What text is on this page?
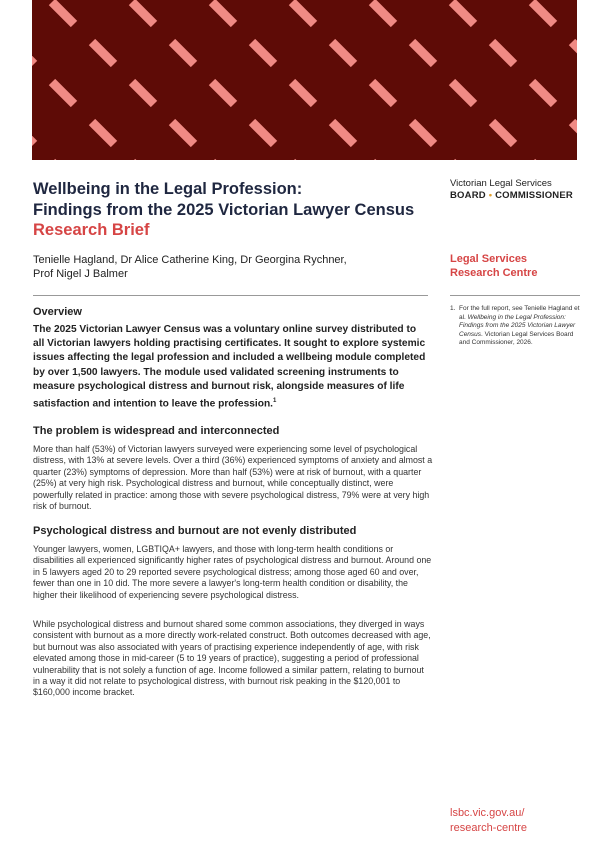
Wellbeing in the Legal Profession:
Findings from the 2025 Victorian Lawyer Census
Research Brief
Tenielle Hagland, Dr Alice Catherine King, Dr Georgina Rychner,
Prof Nigel J Balmer
Victorian Legal Services
BOARD • COMMISSIONER
Legal Services
Research Centre
1. For the full report, see Tenielle Hagland et al. Wellbeing in the Legal Profession: Findings from the 2025 Victorian Lawyer Census. Victorian Legal Services Board and Commissioner, 2026.
Overview

The 2025 Victorian Lawyer Census was a voluntary online survey distributed to all Victorian lawyers holding practising certificates. It sought to explore systemic issues affecting the legal profession and included a wellbeing module completed by over 1,500 lawyers. The module used validated screening instruments to measure psychological distress and burnout risk, alongside measures of life satisfaction and intention to leave the profession.$^1$

The problem is widespread and interconnected

More than half (53%) of Victorian lawyers surveyed were experiencing some level of psychological distress, with 13% at severe levels. Over a third (36%) experienced symptoms of anxiety and almost a quarter (23%) symptoms of depression. More than half (53%) were at risk of burnout, with a quarter (25%) at very high risk. Psychological distress and burnout, while conceptually distinct, were powerfully related in practice: among those with severe psychological distress, 79% were at very high risk of burnout.

Psychological distress and burnout are not evenly distributed

Younger lawyers, women, LGBTIQA+ lawyers, and those with long-term health conditions or disabilities all experienced significantly higher rates of psychological distress and burnout. Around one in 5 lawyers aged 20 to 29 reported severe psychological distress; among those aged 60 and over, fewer than one in 10 did. The more severe a lawyer's long-term health condition or disability, the higher their likelihood of experiencing severe psychological distress.

While psychological distress and burnout shared some common associations, they diverged in ways consistent with burnout as a more directly work-related construct. Both outcomes decreased with age, but burnout was also associated with years of practising experience independently of age, with risk elevated among those in mid-career (5 to 19 years of practice), suggesting a period of professional vulnerability that is not solely a function of age. Income followed a similar pattern, relating to burnout in a way it did not relate to psychological distress, with burnout risk peaking in the $120,001 to $160,000 income bracket.

lsbc.vic.gov.au/
research-centre
